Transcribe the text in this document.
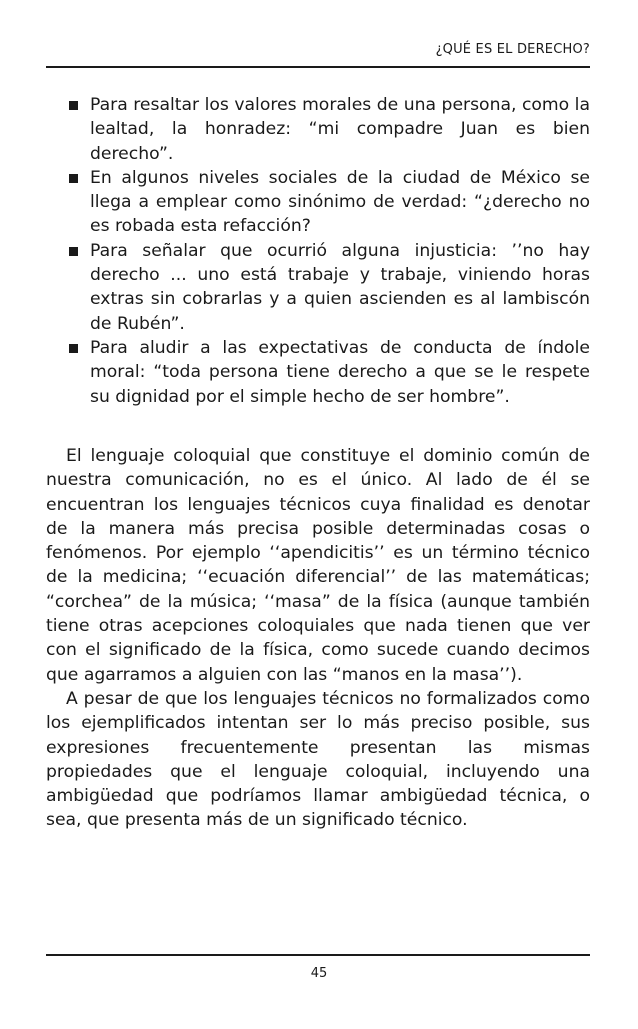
¿QUÉ ES EL DERECHO?
Para resaltar los valores morales de una persona, como la lealtad, la honradez: “mi compadre Juan es bien derecho”.
En algunos niveles sociales de la ciudad de México se llega a emplear como sinónimo de verdad: “¿derecho no es robada esta refacción?
Para señalar que ocurrió alguna injusticia: ’’no hay derecho ... uno está trabaje y trabaje, viniendo horas extras sin cobrarlas y a quien ascienden es al lambiscón de Rubén”.
Para aludir a las expectativas de conducta de índole moral: “toda persona tiene derecho a que se le respete su dignidad por el simple hecho de ser hombre”.

El lenguaje coloquial que constituye el dominio común de nuestra comunicación, no es el único. Al lado de él se encuentran los lenguajes técnicos cuya finalidad es denotar de la manera más precisa posible determinadas cosas o fenómenos. Por ejemplo ‘‘apendicitis’’ es un término técnico de la medicina; ‘‘ecuación diferencial’’ de las matemáticas; “corchea” de la música; ‘‘masa” de la física (aunque también tiene otras acepciones coloquiales que nada tienen que ver con el significado de la física, como sucede cuando decimos que agarramos a alguien con las “manos en la masa’’).

A pesar de que los lenguajes técnicos no formalizados como los ejemplificados intentan ser lo más preciso posible, sus expresiones frecuentemente presentan las mismas propiedades que el lenguaje coloquial, incluyendo una ambigüedad que podríamos llamar ambigüedad técnica, o sea, que presenta más de un significado técnico.

45
